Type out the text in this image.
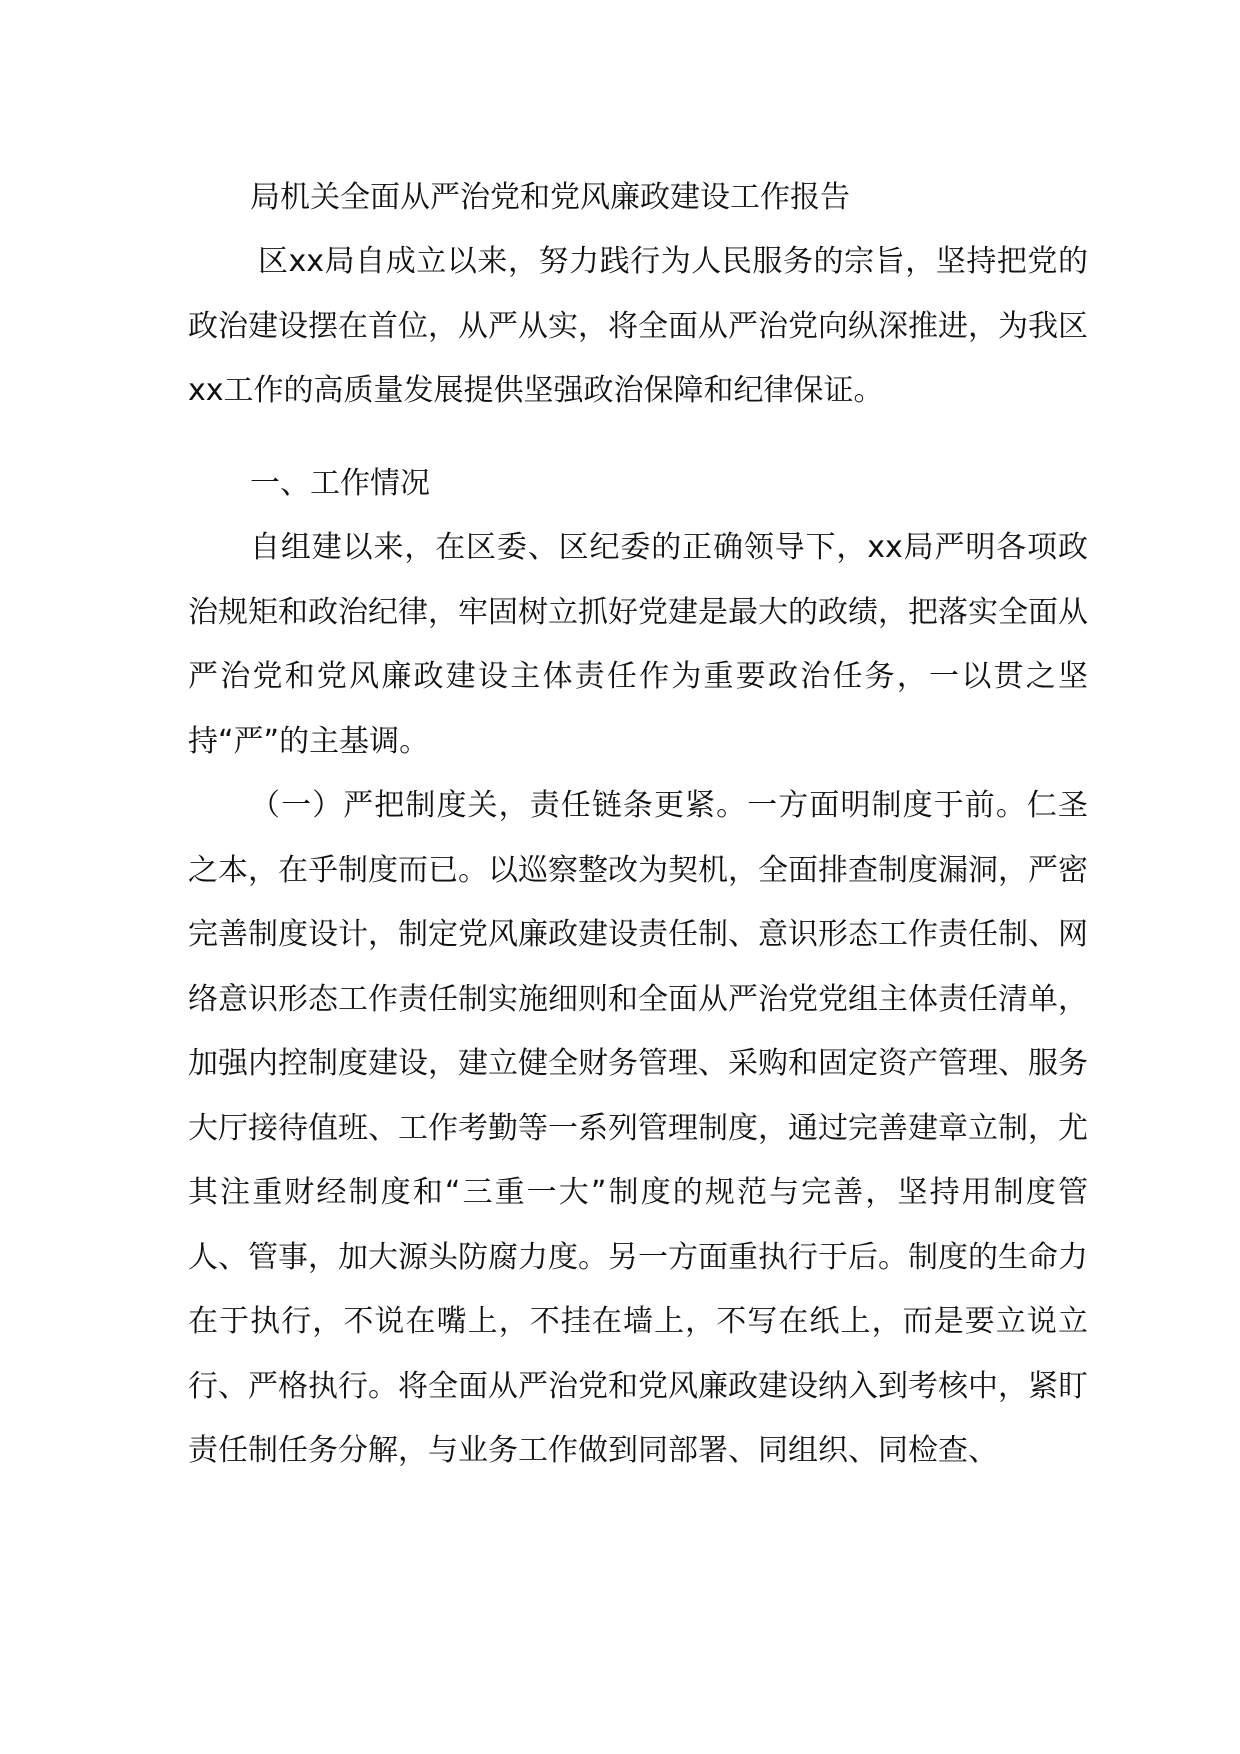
局机关全面从严治党和党风廉政建设工作报告

区xx局自成立以来，努力践行为人民服务的宗旨，坚持把党的政治建设摆在首位，从严从实，将全面从严治党向纵深推进，为我区xx工作的高质量发展提供坚强政治保障和纪律保证。

一、工作情况

自组建以来，在区委、区纪委的正确领导下，xx局严明各项政治规矩和政治纪律，牢固树立抓好党建是最大的政绩，把落实全面从严治党和党风廉政建设主体责任作为重要政治任务，一以贯之坚持“严”的主基调。

（一）严把制度关，责任链条更紧。一方面明制度于前。仁圣之本，在乎制度而已。以巡察整改为契机，全面排查制度漏洞，严密完善制度设计，制定党风廉政建设责任制、意识形态工作责任制、网络意识形态工作责任制实施细则和全面从严治党党组主体责任清单，加强内控制度建设，建立健全财务管理、采购和固定资产管理、服务大厅接待值班、工作考勤等一系列管理制度，通过完善建章立制，尤其注重财经制度和“三重一大”制度的规范与完善，坚持用制度管人、管事，加大源头防腐力度。另一方面重执行于后。制度的生命力在于执行，不说在嘴上，不挂在墙上，不写在纸上，而是要立说立行、严格执行。将全面从严治党和党风廉政建设纳入到考核中，紧盯责任制任务分解，与业务工作做到同部署、同组织、同检查、
